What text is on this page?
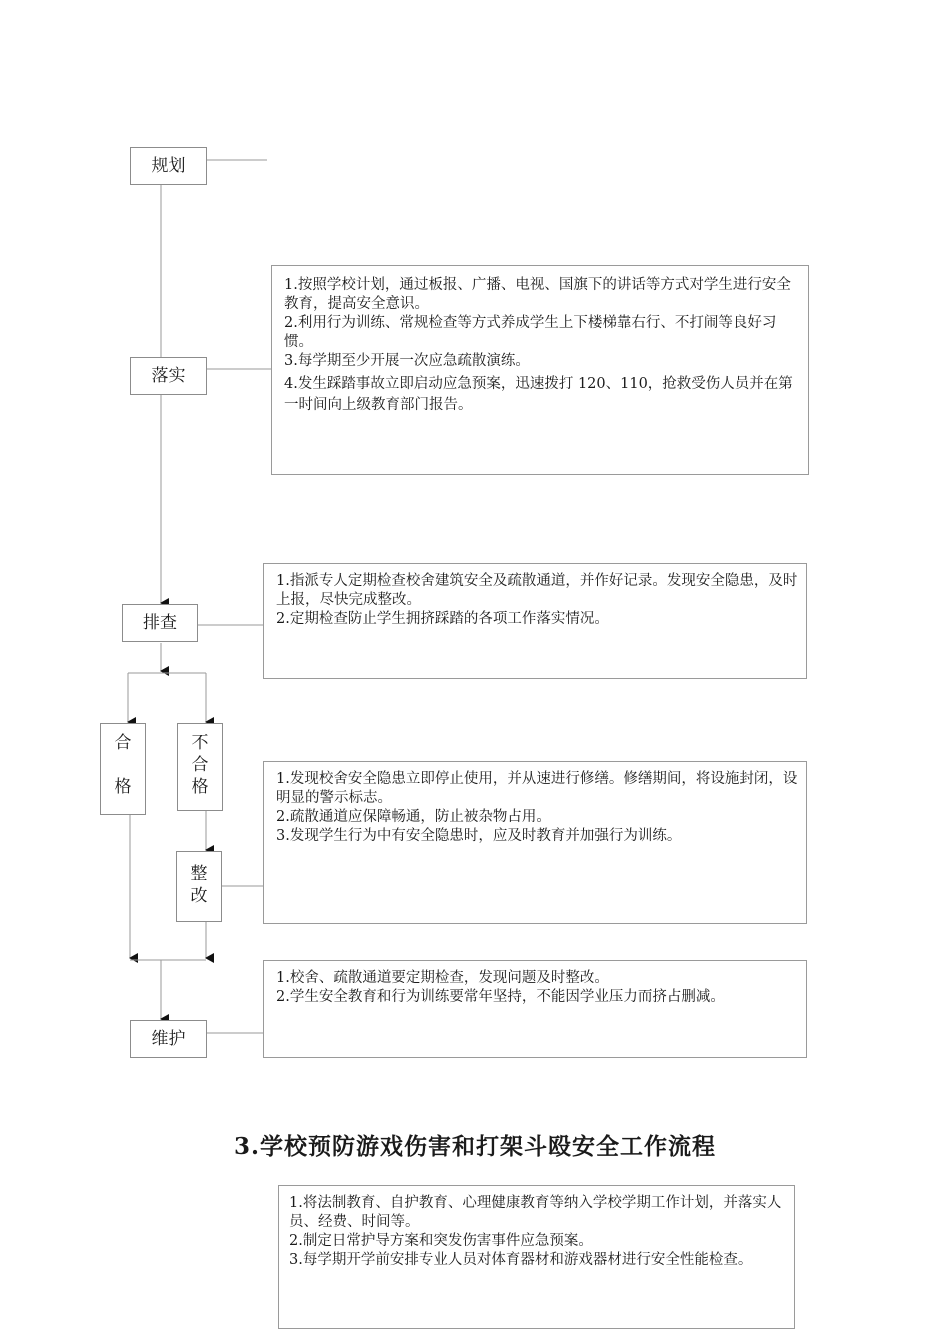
规划
落实
排查
合
格
不
合
格
整
改
维护
1.按照学校计划，通过板报、广播、电视、国旗下的讲话等方式对学生进行安全教育，提高安全意识。
2.利用行为训练、常规检查等方式养成学生上下楼梯靠右行、不打闹等良好习惯。
3.每学期至少开展一次应急疏散演练。
4.发生踩踏事故立即启动应急预案，迅速拨打 120、110，抢救受伤人员并在第一时间向上级教育部门报告。
1.指派专人定期检查校舍建筑安全及疏散通道，并作好记录。发现安全隐患，及时上报，尽快完成整改。
2.定期检查防止学生拥挤踩踏的各项工作落实情况。
1.发现校舍安全隐患立即停止使用，并从速进行修缮。修缮期间，将设施封闭，设明显的警示标志。
2.疏散通道应保障畅通，防止被杂物占用。
3.发现学生行为中有安全隐患时，应及时教育并加强行为训练。
1.校舍、疏散通道要定期检查，发现问题及时整改。
2.学生安全教育和行为训练要常年坚持，不能因学业压力而挤占删减。
3.学校预防游戏伤害和打架斗殴安全工作流程
1.将法制教育、自护教育、心理健康教育等纳入学校学期工作计划，并落实人员、经费、时间等。
2.制定日常护导方案和突发伤害事件应急预案。
3.每学期开学前安排专业人员对体育器材和游戏器材进行安全性能检查。
